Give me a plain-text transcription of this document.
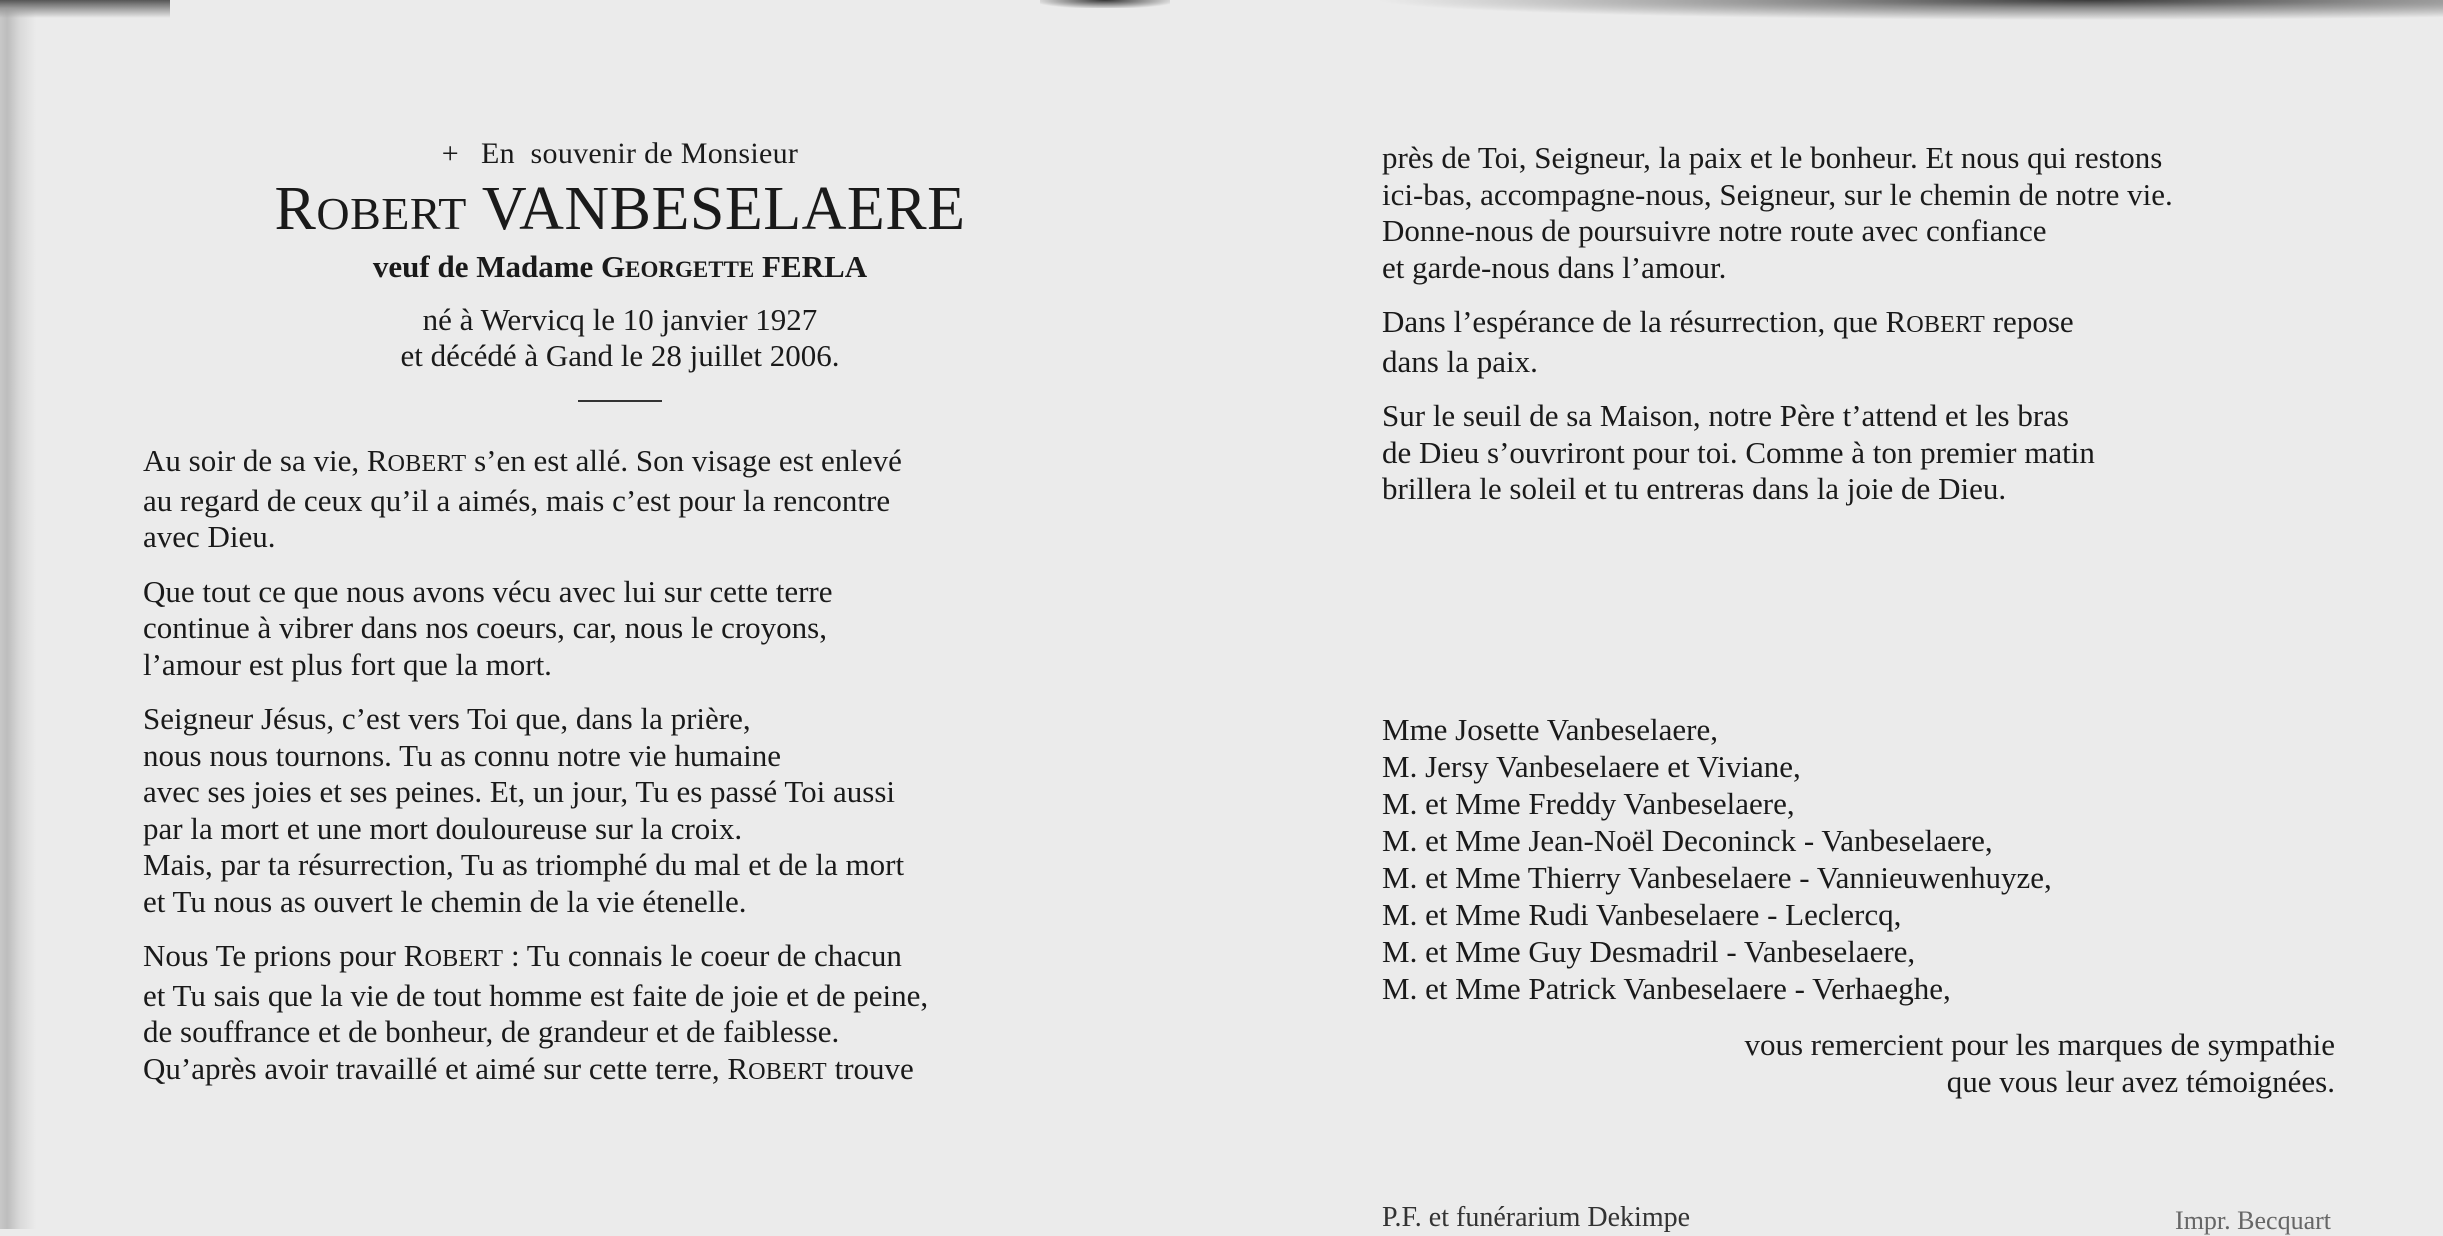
+ En  souvenir de Monsieur
ROBERT VANBESELAERE
veuf de Madame GEORGETTE FERLA
né à Wervicq le 10 janvier 1927
et décédé à Gand le 28 juillet 2006.

Au soir de sa vie, ROBERT s’en est allé. Son visage est enlevé
au regard de ceux qu’il a aimés, mais c’est pour la rencontre
avec Dieu.

Que tout ce que nous avons vécu avec lui sur cette terre
continue à vibrer dans nos coeurs, car, nous le croyons,
l’amour est plus fort que la mort.

Seigneur Jésus, c’est vers Toi que, dans la prière,
nous nous tournons. Tu as connu notre vie humaine
avec ses joies et ses peines. Et, un jour, Tu es passé Toi aussi
par la mort et une mort douloureuse sur la croix.
Mais, par ta résurrection, Tu as triomphé du mal et de la mort
et Tu nous as ouvert le chemin de la vie étenelle.

Nous Te prions pour ROBERT : Tu connais le coeur de chacun
et Tu sais que la vie de tout homme est faite de joie et de peine,
de souffrance et de bonheur, de grandeur et de faiblesse.
Qu’après avoir travaillé et aimé sur cette terre, ROBERT trouve

près de Toi, Seigneur, la paix et le bonheur. Et nous qui restons
ici-bas, accompagne-nous, Seigneur, sur le chemin de notre vie.
Donne-nous de poursuivre notre route avec confiance
et garde-nous dans l’amour.

Dans l’espérance de la résurrection, que ROBERT repose
dans la paix.

Sur le seuil de sa Maison, notre Père t’attend et les bras
de Dieu s’ouvriront pour toi. Comme à ton premier matin
brillera le soleil et tu entreras dans la joie de Dieu.

Mme Josette Vanbeselaere,
M. Jersy Vanbeselaere et Viviane,
M. et Mme Freddy Vanbeselaere,
M. et Mme Jean-Noël Deconinck - Vanbeselaere,
M. et Mme Thierry Vanbeselaere - Vannieuwenhuyze,
M. et Mme Rudi Vanbeselaere - Leclercq,
M. et Mme Guy Desmadril - Vanbeselaere,
M. et Mme Patrick Vanbeselaere - Verhaeghe,
vous remercient pour les marques de sympathie
que vous leur avez témoignées.
P.F. et funérarium Dekimpe	Impr. Becquart
